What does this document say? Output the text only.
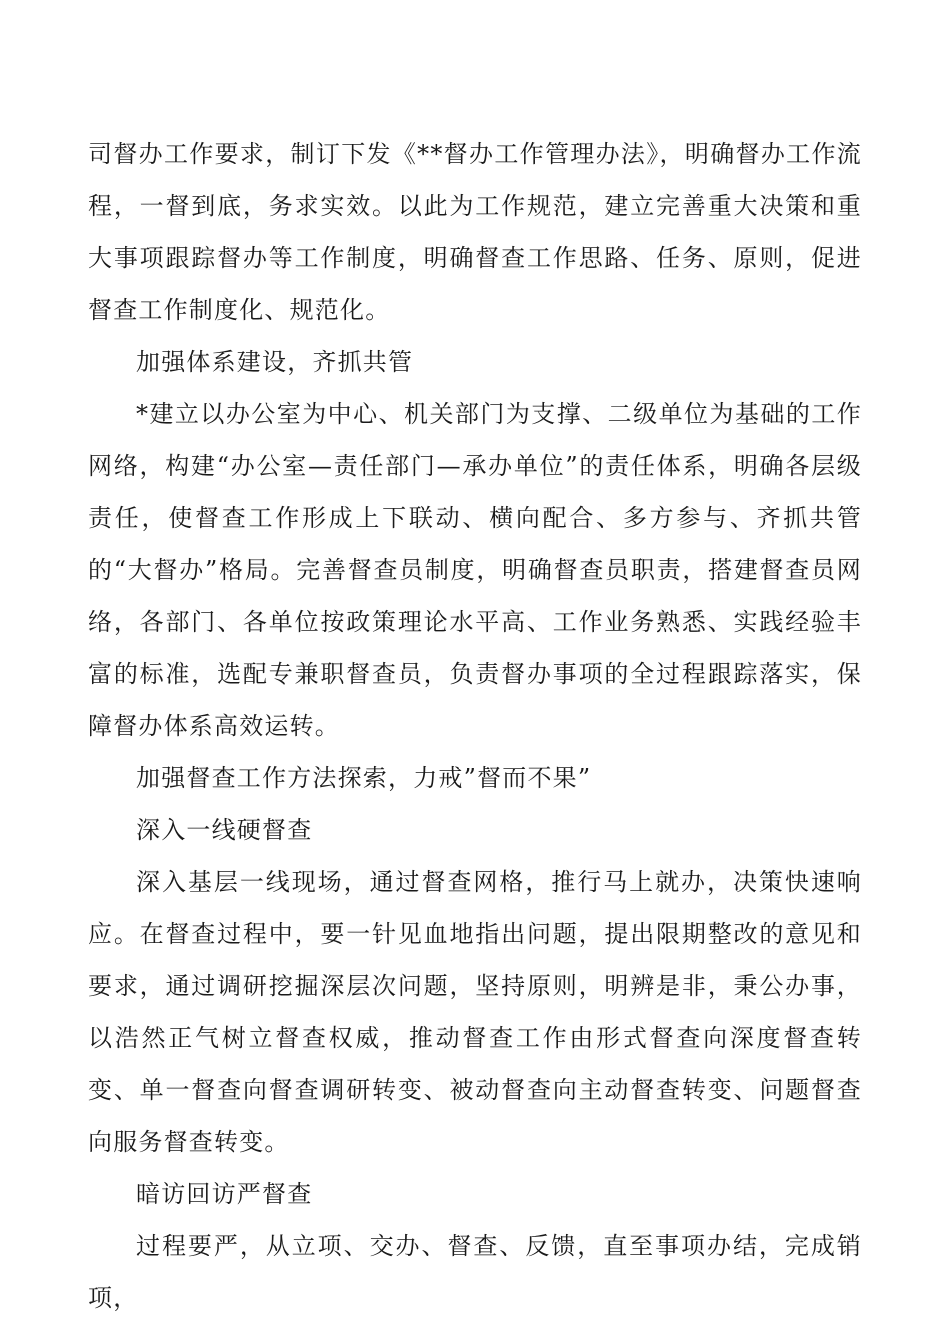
司督办工作要求，制订下发《**督办工作管理办法》，明确督办工作流程，一督到底，务求实效。以此为工作规范，建立完善重大决策和重大事项跟踪督办等工作制度，明确督查工作思路、任务、原则，促进督查工作制度化、规范化。

加强体系建设，齐抓共管

*建立以办公室为中心、机关部门为支撑、二级单位为基础的工作网络，构建“办公室—责任部门—承办单位”的责任体系，明确各层级责任，使督查工作形成上下联动、横向配合、多方参与、齐抓共管的“大督办”格局。完善督查员制度，明确督查员职责，搭建督查员网络，各部门、各单位按政策理论水平高、工作业务熟悉、实践经验丰富的标准，选配专兼职督查员，负责督办事项的全过程跟踪落实，保障督办体系高效运转。

加强督查工作方法探索，力戒”督而不果”

深入一线硬督查

深入基层一线现场，通过督查网格，推行马上就办，决策快速响应。在督查过程中，要一针见血地指出问题，提出限期整改的意见和要求，通过调研挖掘深层次问题，坚持原则，明辨是非，秉公办事，以浩然正气树立督查权威，推动督查工作由形式督查向深度督查转变、单一督查向督查调研转变、被动督查向主动督查转变、问题督查向服务督查转变。

暗访回访严督查

过程要严，从立项、交办、督查、反馈，直至事项办结，完成销项，
